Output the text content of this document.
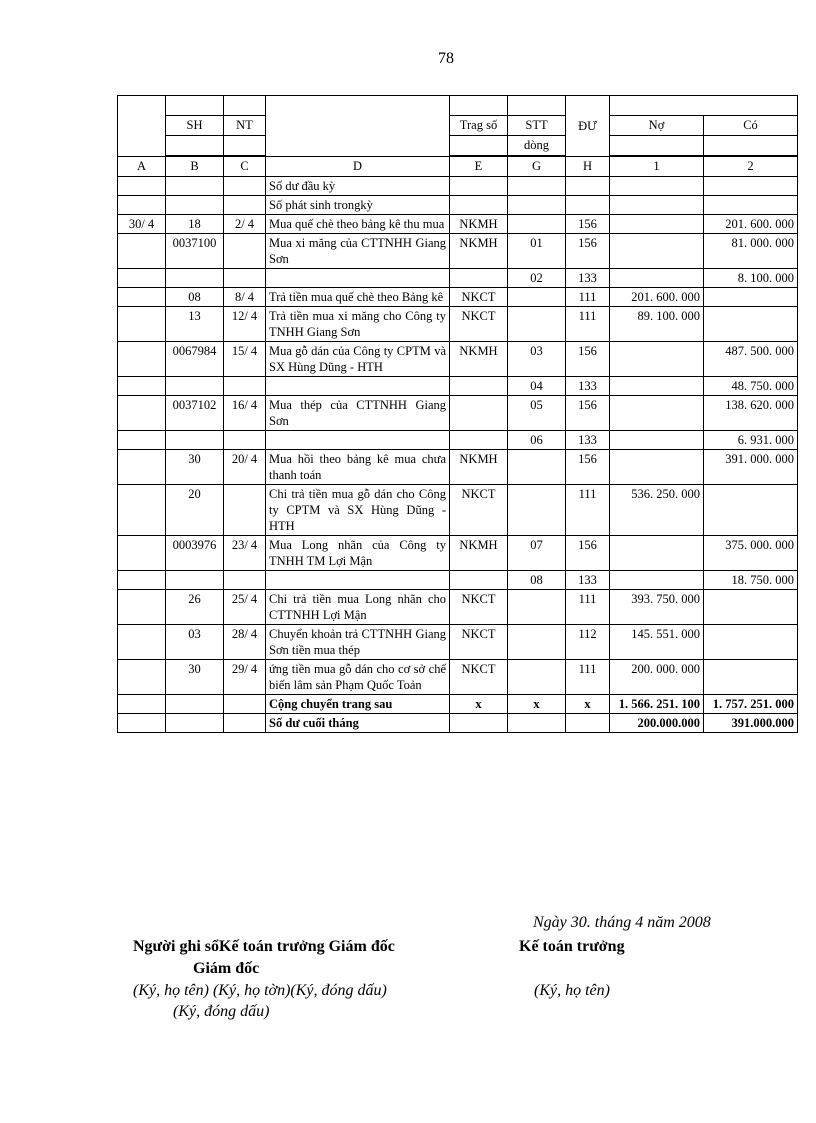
78
						ĐƯ		
	SH	NT		Trag số	STT		Nợ	Có
					dòng			

A	B	C	D	E	G	H	1	2
			Số dư đầu kỳ					
			Số phát sinh trongkỳ					
30/ 4	18	2/ 4	Mua quế chè theo bảng kê thu mua	NKMH		156		201. 600. 000
	0037100		Mua xi măng của CTTNHH Giang Sơn	NKMH	01	156		81. 000. 000
					02	133		8. 100. 000
	08	8/ 4	Trả tiền mua quế chè theo Bảng kê	NKCT		111	201. 600. 000	
	13	12/ 4	Trả tiền mua xi măng cho Công ty TNHH Giang Sơn	NKCT		111	89. 100. 000	
	0067984	15/ 4	Mua gỗ dán của Công ty CPTM và SX Hùng Dũng - HTH	NKMH	03	156		487. 500. 000
					04	133		48. 750. 000
	0037102	16/ 4	Mua thép của CTTNHH Giang Sơn		05	156		138. 620. 000
					06	133		6. 931. 000
	30	20/ 4	Mua hồi theo bảng kê mua chưa thanh toán	NKMH		156		391. 000. 000
	20		Chi trả tiền mua gỗ dán cho Công ty CPTM và SX Hùng Dũng - HTH	NKCT		111	536. 250. 000	
	0003976	23/ 4	Mua Long nhãn của Công ty TNHH TM Lợi Mận	NKMH	07	156		375. 000. 000
					08	133		18. 750. 000
	26	25/ 4	Chi trả tiền mua Long nhãn cho CTTNHH Lợi Mận	NKCT		111	393. 750. 000	
	03	28/ 4	Chuyển khoản trả CTTNHH Giang Sơn tiền mua thép	NKCT		112	145. 551. 000	
	30	29/ 4	ứng tiền mua gỗ dán cho cơ sở chế biến lâm sản Phạm Quốc Toản	NKCT		111	200. 000. 000	
			Cộng chuyển trang sau	x	x	x	1. 566. 251. 100	1. 757. 251. 000
			Số dư cuối tháng				200.000.000	391.000.000
Ngày 30. tháng 4 năm 2008
Người ghi sổKế toán trưởng Giám đốc	Kế toán trưởng
Giám đốc
(Ký, họ tên) (Ký, họ tờn)(Ký, đóng dấu)	(Ký, họ tên)
(Ký, đóng dấu)
